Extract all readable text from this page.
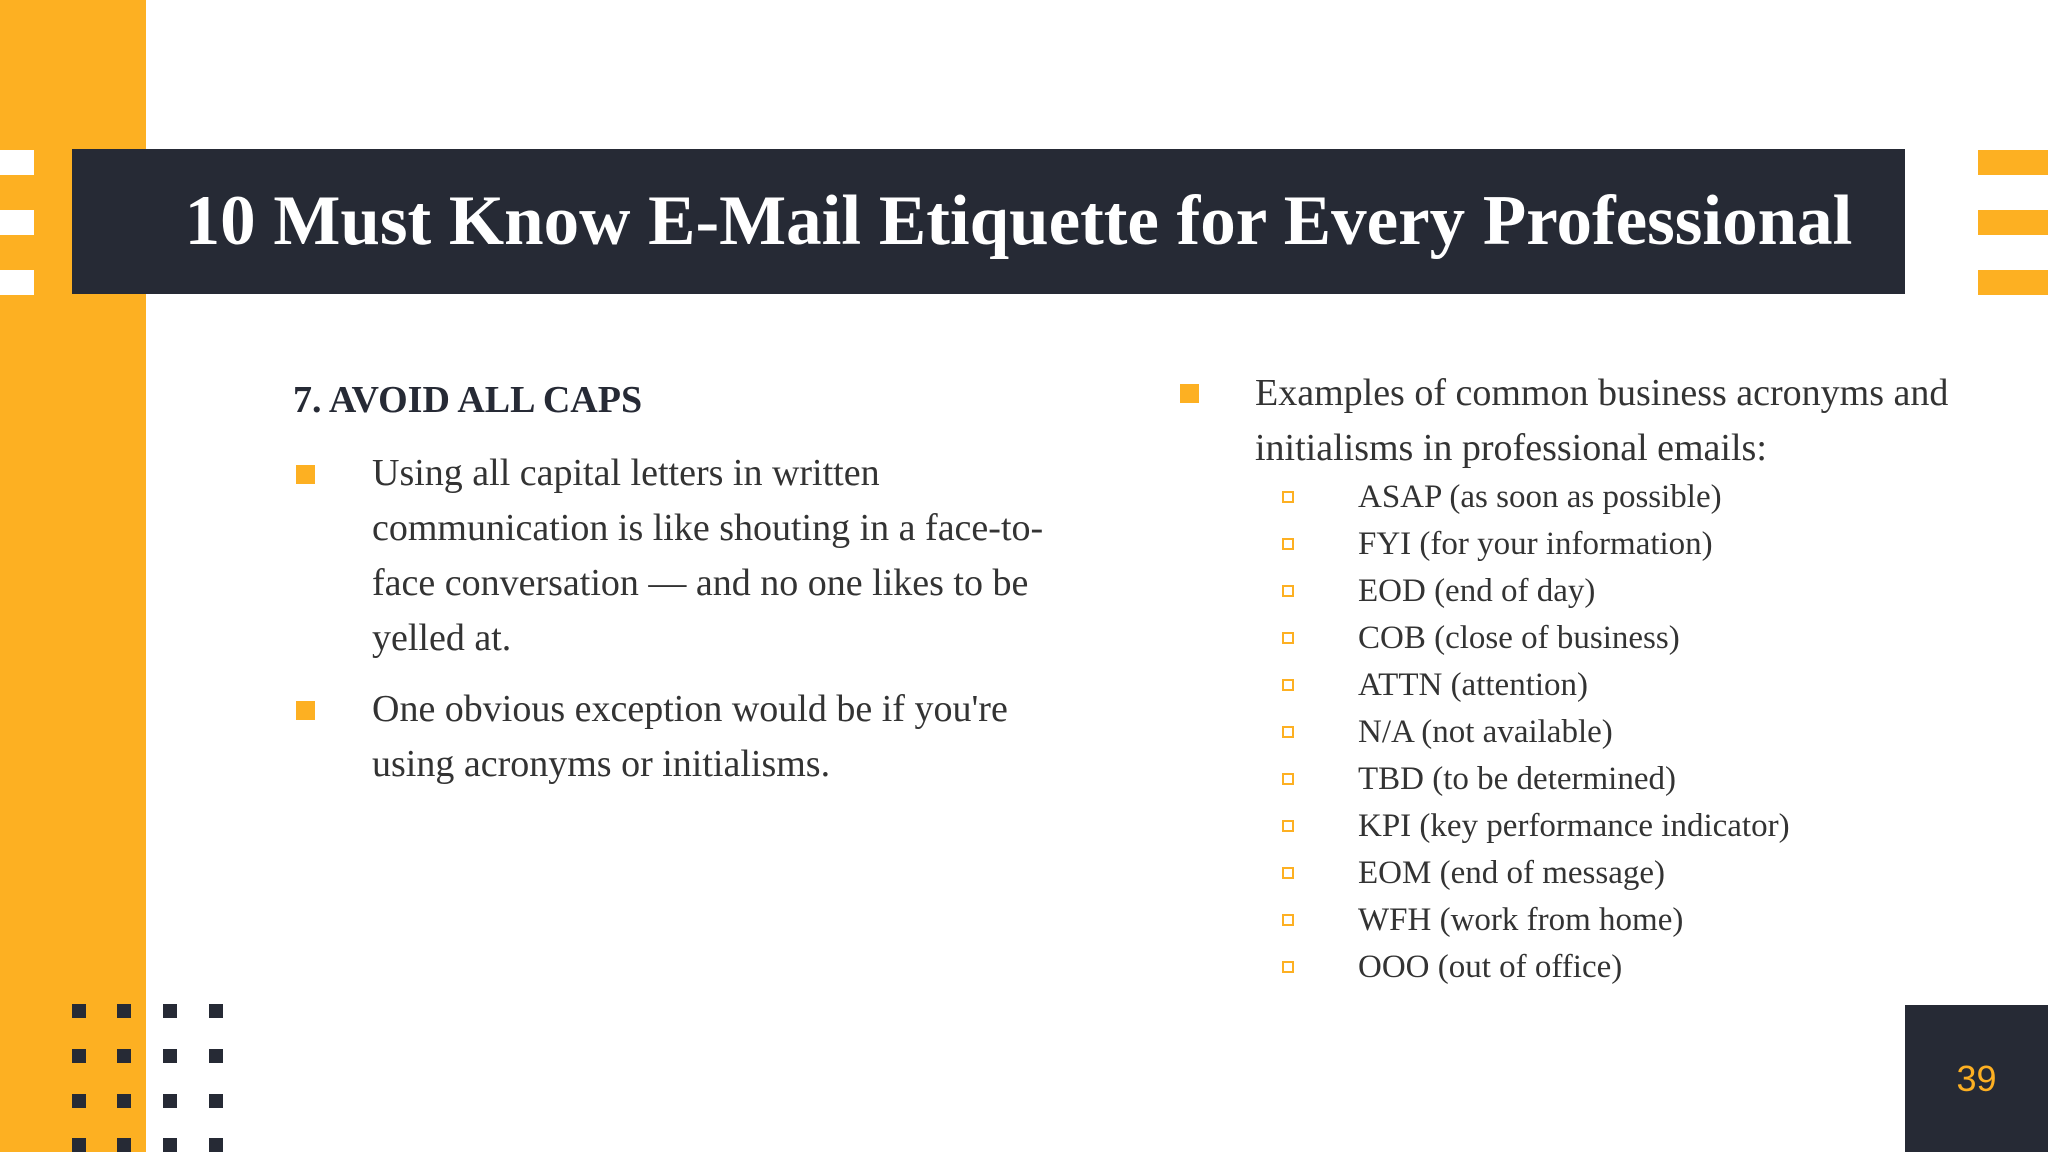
10 Must Know E-Mail Etiquette for Every Professional
7. AVOID ALL CAPS
Using all capital letters in written communication is like shouting in a face-to-face conversation — and no one likes to be yelled at.
One obvious exception would be if you're using acronyms or initialisms.
Examples of common business acronyms and initialisms in professional emails:
ASAP (as soon as possible)
FYI (for your information)
EOD (end of day)
COB (close of business)
ATTN (attention)
N/A (not available)
TBD (to be determined)
KPI (key performance indicator)
EOM (end of message)
WFH (work from home)
OOO (out of office)
39
